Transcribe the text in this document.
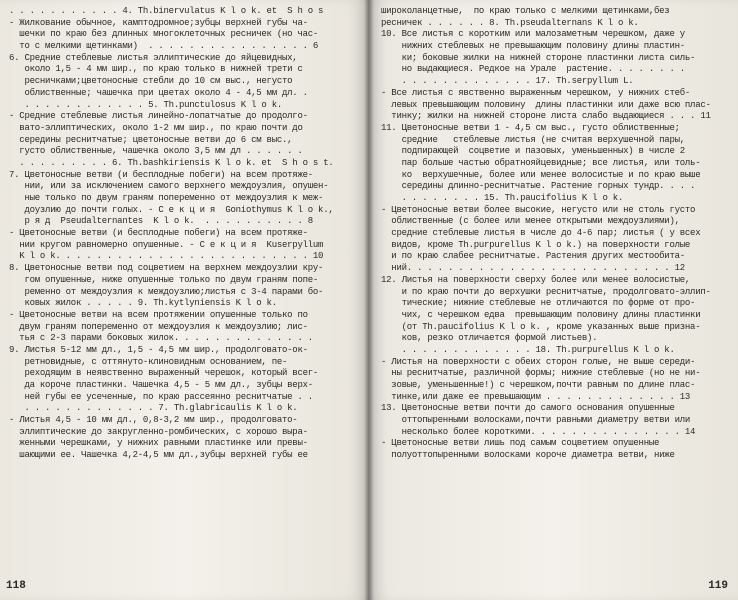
. . . . . . . . . . . 4. Th.binervulatus K l o k. et  S h o s
- Жилкование обычное, камптодромное;зубцы верхней губы ча-
шечки по краю без длинных многоклеточных ресничек (но час-
то с мелкими щетинками)  . . . . . . . . . . . . . . . . 6
6. Средние стеблевые листья эллиптические до яйцевидных,
около 1,5 - 4 мм шир., по краю только в нижней трети с
ресничками;цветоносные стебли до 10 см выс., негусто
облиственные; чашечка при цветах около 4 - 4,5 мм дл. .
. . . . . . . . . . . . 5. Th.punctulosus K l o k.
- Средние стеблевые листья линейно-лопатчатые до продолго-
вато-эллиптических, около 1-2 мм шир., по краю почти до
середины реснитчатые; цветоносные ветви до 6 см выс.,
густо облиственные, чашечка около 3,5 мм дл . . . . . .
. . . . . . . . . 6. Th.bashkiriensis K l o k. et  S h o s t.
7. Цветоносные ветви (и бесплодные побеги) на всем протяже-
нии, или за исключением самого верхнего междоузлия, опушен-
ные только по двум граням попеременно от междоузлия к меж-
доузлию до почти голых. - С е к ц и я  Goniothymus K l o k.,
р я д  Pseudalternantes  K l o k.  . . . . . . . . . . 8
- Цветоносные ветви (и бесплодные побеги) на всем протяже-
нии кругом равномерно опушенные. - С е к ц и я  Kuserpyllum
K l o k. . . . . . . . . . . . . . . . . . . . . . . . . 10
8. Цветоносные ветви под соцветием на верхнем междоузлии кру-
гом опушенные, ниже опушенные только по двум граням попе-
ременно от междоузлия к междоузлию;листья с 3-4 парами бо-
ковых жилок . . . . . 9. Th.kytlyniensis K l o k.
- Цветоносные ветви на всем протяжении опушенные только по
двум граням попеременно от междоузлия к междоузлию; лис-
тья с 2-3 парами боковых жилок. . . . . . . . . . . . . .
9. Листья 5-12 мм дл., 1,5 - 4,5 мм шир., продолговато-ок-
ретновидные, с оттянуто-клиновидным основанием, пе-
реходящим в неявственно выраженный черешок, который всег-
да короче пластинки. Чашечка 4,5 - 5 мм дл., зубцы верх-
ней губы ее усеченные, по краю рассеянно реснитчатые . .
. . . . . . . . . . . . . 7. Th.glabricaulis K l o k.
- Листья 4,5 - 10 мм дл., 0,8-3,2 мм шир., продолговато-
эллиптические до закругленно-ромбических, с хорошо выра-
женными черешками, у нижних равными пластинке или превы-
шающими ее. Чашечка 4,2-4,5 мм дл.,зубцы верхней губы ее
118
широколанцетные,  по краю только с мелкими щетинками,без
ресничек . . . . . . 8. Th.pseudalternans K l o k.
10. Все листья с коротким или малозаметным черешком, даже у
нижних стеблевых не превышающим половину длины пластин-
ки; боковые жилки на нижней стороне пластинки листа силь-
но выдающиеся. Редкое на Урале  растение. . . . . . . .
. . . . . . . . . . . . . 17. Th.serpyllum L.
- Все листья с явственно выраженным черешком, у нижних стеб-
левых превышающим половину  длины пластинки или даже всю плас-
тинку; жилки на нижней стороне листа слабо выдающиеся . . . 11
11. Цветоносные ветви 1 - 4,5 см выс., густо облиственные;
средние   стеблевые листья (не считая верхушечной пары,
подпирающей  соцветие и пазовых, уменьшенных) в числе 2
пар больше частью обратнояйцевидные; все листья, или толь-
ко  верхушечные, более или менее волосистые и по краю выше
середины длинно-реснитчатые. Растение горных тундр. . . .
. . . . . . . . 15. Th.paucifolius K l o k.
- Цветоносные ветви более высокие, негусто или не столь густо
облиственные (с более или менее открытыми междоузлиями),
средние стеблевые листья в числе до 4-6 пар; листья ( у всех
видов, кроме Th.purpurellus K l o k.) на поверхности голые
и по краю слабее реснитчатые. Растения других местообита-
ний. . . . . . . . . . . . . . . . . . . . . . . . . . 12
12. Листья на поверхности сверху более или менее волосистые,
и по краю почти до верхушки реснитчатые, продолговато-эллип-
тические; нижние стеблевые не отличаются по форме от про-
чих, с черешком едва  превышающим половину длины пластинки
(от Th.paucifolius K l o k. , кроме указанных выше призна-
ков, резко отличается формой листьев).
. . . . . . . . . . . . . 18. Th.purpurellus K l o k.
- Листья на поверхности с обеих сторон голые, не выше середи-
ны реснитчатые, различной формы; нижние стеблевые (но не ни-
зовые, уменьшенные!) с черешком,почти равным по длине плас-
тинке,или даже ее превышающим . . . . . . . . . . . . . 13
13. Цветоносные ветви почти до самого основания опушенные
оттопыренными волосками,почти равными диаметру ветви или
несколько более короткими. . . . . . . . . . . . . . . 14
- Цветоносные ветви лишь под самым соцветием опушенные
полуоттопыренными волосками короче диаметра ветви, ниже
119
